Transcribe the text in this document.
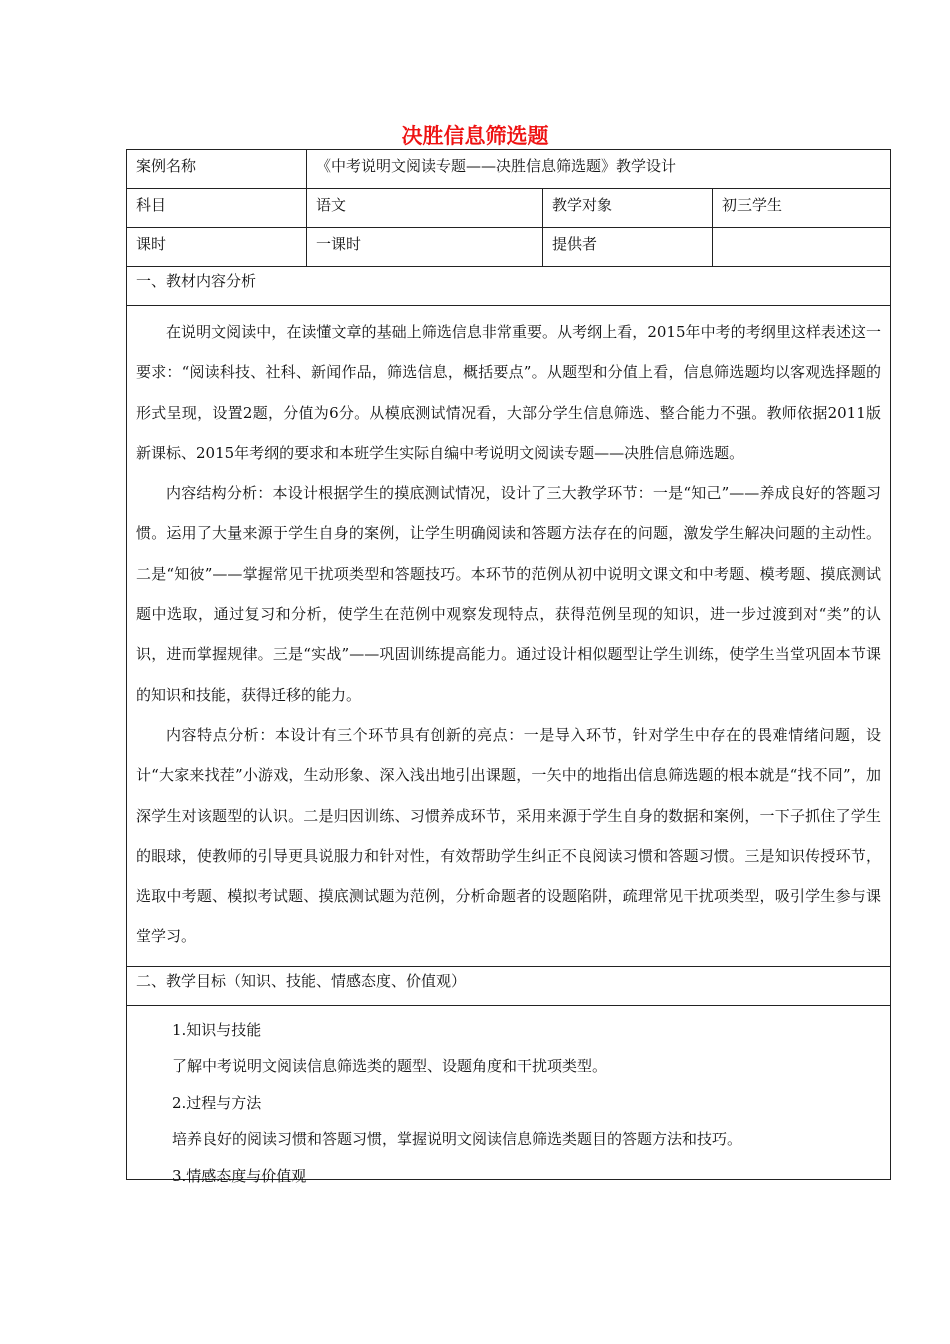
决胜信息筛选题
案例名称	《中考说明文阅读专题——决胜信息筛选题》教学设计		

科目	语文	教学对象	初三学生

课时	一课时	提供者	

一、教材内容分析			

在说明文阅读中，在读懂文章的基础上筛选信息非常重要。从考纲上看，2015年中考的考纲里这样表述这一要求：“阅读科技、社科、新闻作品，筛选信息，概括要点”。从题型和分值上看，信息筛选题均以客观选择题的形式呈现，设置2题，分值为6分。从模底测试情况看，大部分学生信息筛选、整合能力不强。教师依据2011版新课标、2015年考纲的要求和本班学生实际自编中考说明文阅读专题——决胜信息筛选题。

内容结构分析：本设计根据学生的摸底测试情况，设计了三大教学环节：一是“知己”——养成良好的答题习惯。运用了大量来源于学生自身的案例，让学生明确阅读和答题方法存在的问题，激发学生解决问题的主动性。二是“知彼”——掌握常见干扰项类型和答题技巧。本环节的范例从初中说明文课文和中考题、模考题、摸底测试题中选取，通过复习和分析，使学生在范例中观察发现特点，获得范例呈现的知识，进一步过渡到对“类”的认识，进而掌握规律。三是“实战”——巩固训练提高能力。通过设计相似题型让学生训练，使学生当堂巩固本节课的知识和技能，获得迁移的能力。

内容特点分析：本设计有三个环节具有创新的亮点：一是导入环节，针对学生中存在的畏难情绪问题，设计“大家来找茬”小游戏，生动形象、深入浅出地引出课题，一矢中的地指出信息筛选题的根本就是“找不同”，加深学生对该题型的认识。二是归因训练、习惯养成环节，采用来源于学生自身的数据和案例，一下子抓住了学生的眼球，使教师的引导更具说服力和针对性，有效帮助学生纠正不良阅读习惯和答题习惯。三是知识传授环节，选取中考题、模拟考试题、摸底测试题为范例，分析命题者的设题陷阱，疏理常见干扰项类型，吸引学生参与课堂学习。			

二、教学目标（知识、技能、情感态度、价值观）			

1.知识与技能
了解中考说明文阅读信息筛选类的题型、设题角度和干扰项类型。
2.过程与方法
培养良好的阅读习惯和答题习惯，掌握说明文阅读信息筛选类题目的答题方法和技巧。
3.情感态度与价值观			
